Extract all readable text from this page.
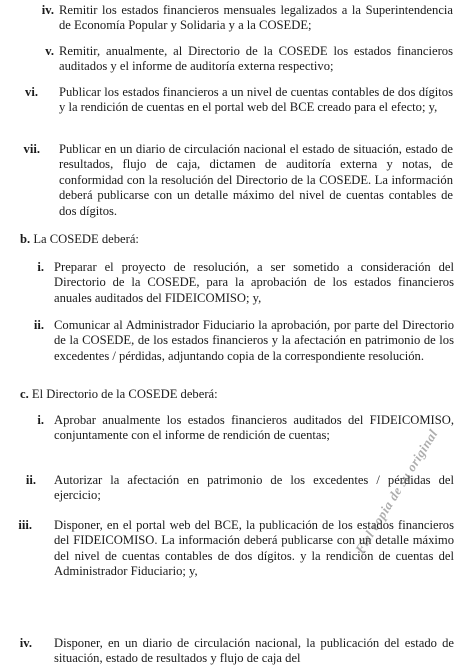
iv. Remitir los estados financieros mensuales legalizados a la Superintendencia de Economía Popular y Solidaria y a la COSEDE;
v. Remitir, anualmente, al Directorio de la COSEDE los estados financieros auditados y el informe de auditoría externa respectivo;
vi. Publicar los estados financieros a un nivel de cuentas contables de dos dígitos y la rendición de cuentas en el portal web del BCE creado para el efecto; y,
vii. Publicar en un diario de circulación nacional el estado de situación, estado de resultados, flujo de caja, dictamen de auditoría externa y notas, de conformidad con la resolución del Directorio de la COSEDE. La información deberá publicarse con un detalle máximo del nivel de cuentas contables de dos dígitos.
b. La COSEDE deberá:
i. Preparar el proyecto de resolución, a ser sometido a consideración del Directorio de la COSEDE, para la aprobación de los estados financieros anuales auditados del FIDEICOMISO; y,
ii. Comunicar al Administrador Fiduciario la aprobación, por parte del Directorio de la COSEDE, de los estados financieros y la afectación en patrimonio de los excedentes / pérdidas, adjuntando copia de la correspondiente resolución.
c. El Directorio de la COSEDE deberá:
i. Aprobar anualmente los estados financieros auditados del FIDEICOMISO, conjuntamente con el informe de rendición de cuentas;
ii. Autorizar la afectación en patrimonio de los excedentes / pérdidas del ejercicio;
iii. Disponer, en el portal web del BCE, la publicación de los estados financieros del FIDEICOMISO. La información deberá publicarse con un detalle máximo del nivel de cuentas contables de dos dígitos. y la rendición de cuentas del Administrador Fiduciario; y,
iv. Disponer, en un diario de circulación nacional, la publicación del estado de situación, estado de resultados y flujo de caja del
Fiel copia de su original
